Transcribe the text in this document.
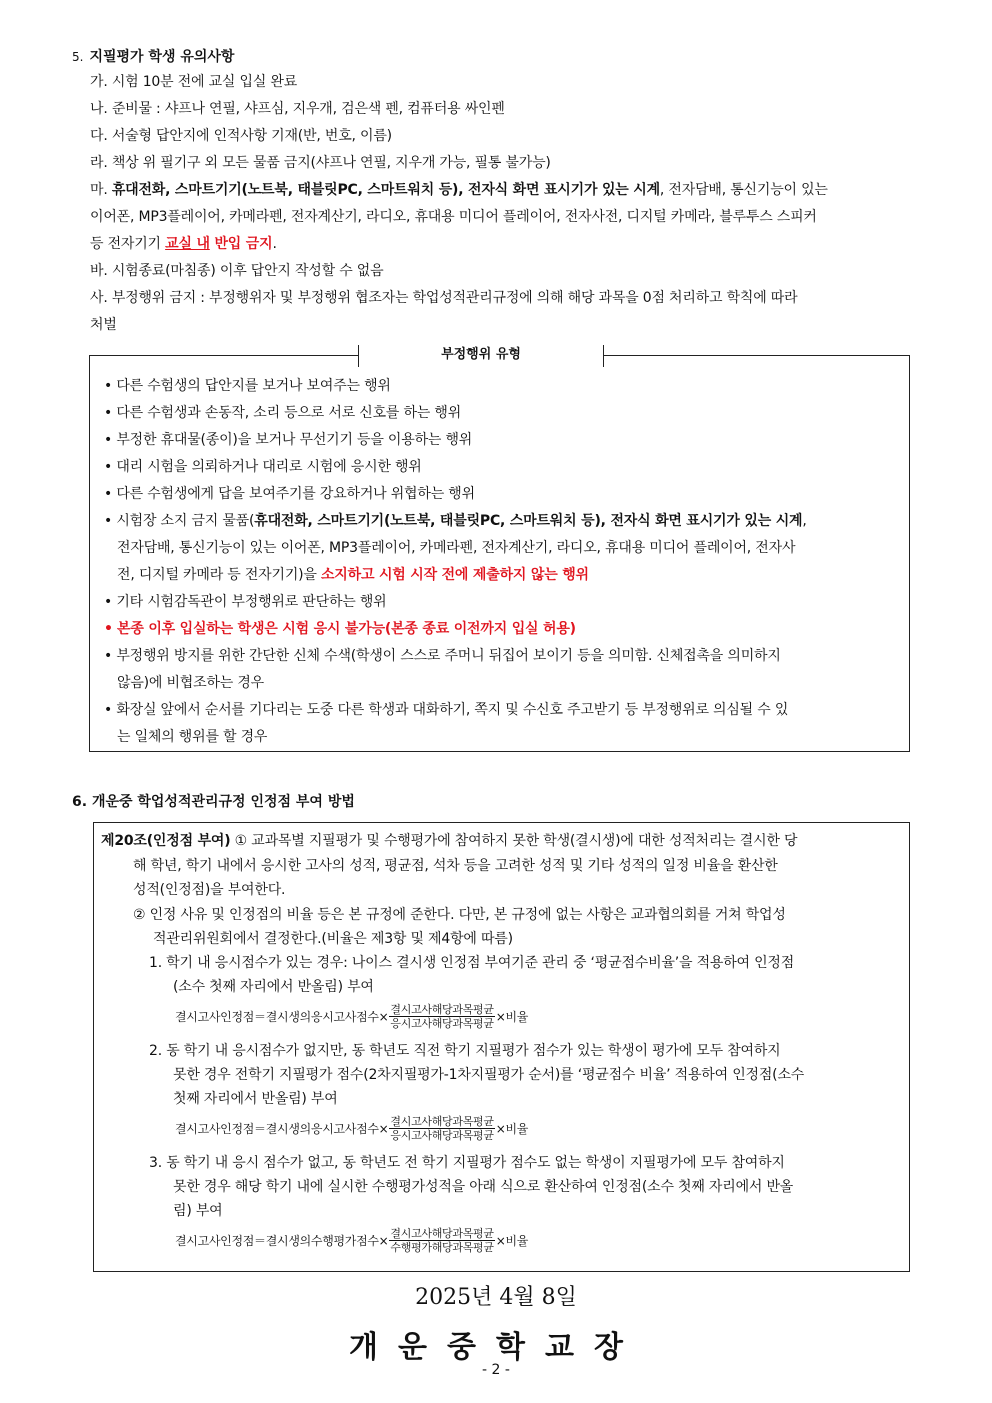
5. 지필평가 학생 유의사항
가. 시험 10분 전에 교실 입실 완료
나. 준비물 : 샤프나 연필, 샤프심, 지우개, 검은색 펜, 컴퓨터용 싸인펜
다. 서술형 답안지에 인적사항 기재(반, 번호, 이름)
라. 책상 위 필기구 외 모든 물품 금지(샤프나 연필, 지우개 가능, 필통 불가능)
마. 휴대전화, 스마트기기(노트북, 태블릿PC, 스마트워치 등), 전자식 화면 표시기가 있는 시계, 전자담배, 통신기능이 있는
이어폰, MP3플레이어, 카메라펜, 전자계산기, 라디오, 휴대용 미디어 플레이어, 전자사전, 디지털 카메라, 블루투스 스피커
등 전자기기 교실 내 반입 금지.
바. 시험종료(마침종) 이후 답안지 작성할 수 없음
사. 부정행위 금지 : 부정행위자 및 부정행위 협조자는 학업성적관리규정에 의해 해당 과목을 0점 처리하고 학칙에 따라
처벌
부정행위 유형
• 다른 수험생의 답안지를 보거나 보여주는 행위
• 다른 수험생과 손동작, 소리 등으로 서로 신호를 하는 행위
• 부정한 휴대물(종이)을 보거나 무선기기 등을 이용하는 행위
• 대리 시험을 의뢰하거나 대리로 시험에 응시한 행위
• 다른 수험생에게 답을 보여주기를 강요하거나 위협하는 행위
• 시험장 소지 금지 물품(휴대전화, 스마트기기(노트북, 태블릿PC, 스마트워치 등), 전자식 화면 표시기가 있는 시계,
전자담배, 통신기능이 있는 이어폰, MP3플레이어, 카메라펜, 전자계산기, 라디오, 휴대용 미디어 플레이어, 전자사
전, 디지털 카메라 등 전자기기)을 소지하고 시험 시작 전에 제출하지 않는 행위
• 기타 시험감독관이 부정행위로 판단하는 행위
• 본종 이후 입실하는 학생은 시험 응시 불가능(본종 종료 이전까지 입실 허용)
• 부정행위 방지를 위한 간단한 신체 수색(학생이 스스로 주머니 뒤집어 보이기 등을 의미함. 신체접촉을 의미하지
않음)에 비협조하는 경우
• 화장실 앞에서 순서를 기다리는 도중 다른 학생과 대화하기, 쪽지 및 수신호 주고받기 등 부정행위로 의심될 수 있
는 일체의 행위를 할 경우
6. 개운중 학업성적관리규정 인정점 부여 방법
제20조(인정점 부여) ① 교과목별 지필평가 및 수행평가에 참여하지 못한 학생(결시생)에 대한 성적처리는 결시한 당
해 학년, 학기 내에서 응시한 고사의 성적, 평균점, 석차 등을 고려한 성적 및 기타 성적의 일정 비율을 환산한
성적(인정점)을 부여한다.
② 인정 사유 및 인정점의 비율 등은 본 규정에 준한다. 다만, 본 규정에 없는 사항은 교과협의회를 거쳐 학업성
적관리위원회에서 결정한다.(비율은 제3항 및 제4항에 따름)
1. 학기 내 응시점수가 있는 경우: 나이스 결시생 인정점 부여기준 관리 중 ‘평균점수비율’을 적용하여 인정점
(소수 첫째 자리에서 반올림) 부여
결시고사인정점＝결시생의응시고사점수× $\frac{\text{결시고사해당과목평균}}{\text{응시고사해당과목평균}}$ ×비율
2. 동 학기 내 응시점수가 없지만, 동 학년도 직전 학기 지필평가 점수가 있는 학생이 평가에 모두 참여하지
못한 경우 전학기 지필평가 점수(2차지필평가-1차지필평가 순서)를 ‘평균점수 비율’ 적용하여 인정점(소수
첫째 자리에서 반올림) 부여
결시고사인정점＝결시생의응시고사점수× $\frac{\text{결시고사해당과목평균}}{\text{응시고사해당과목평균}}$ ×비율
3. 동 학기 내 응시 점수가 없고, 동 학년도 전 학기 지필평가 점수도 없는 학생이 지필평가에 모두 참여하지
못한 경우 해당 학기 내에 실시한 수행평가성적을 아래 식으로 환산하여 인정점(소수 첫째 자리에서 반올
림) 부여
결시고사인정점＝결시생의수행평가점수× $\frac{\text{결시고사해당과목평균}}{\text{수행평가해당과목평균}}$ ×비율
2025년 4월 8일
개운중학교장
- 2 -
